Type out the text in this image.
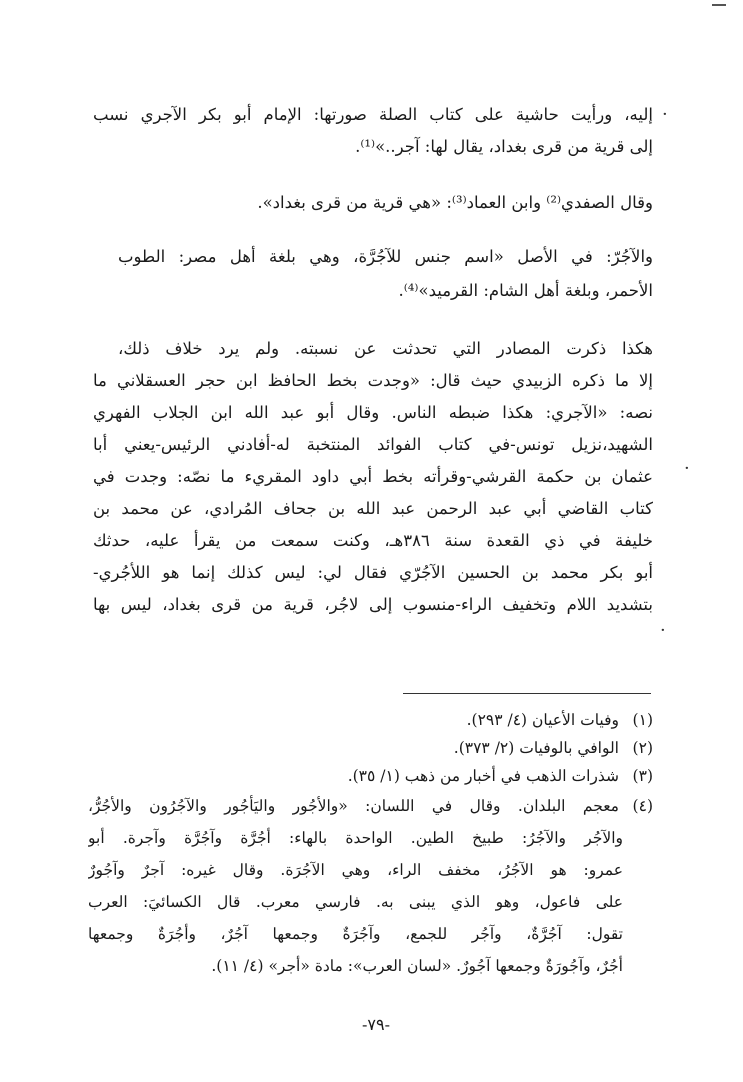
إليه، ورأيت حاشية على كتاب الصلة صورتها: الإمام أبو بكر الآجري نسب
إلى قرية من قرى بغداد، يقال لها: آجر..»⁽¹⁾.
وقال الصفدي⁽²⁾ وابن العماد⁽³⁾: «هي قرية من قرى بغداد».
والآجُرّ: في الأصل «اسم جنس للآجُرَّة، وهي بلغة أهل مصر: الطوب
الأحمر، وبلغة أهل الشام: القرميد»⁽⁴⁾.
هكذا ذكرت المصادر التي تحدثت عن نسبته. ولم يرد خلاف ذلك،
إلا ما ذكره الزبيدي حيث قال: «وجدت بخط الحافظ ابن حجر العسقلاني ما
نصه: «الآجري: هكذا ضبطه الناس. وقال أبو عبد الله ابن الجلاب الفهري
الشهيد،نزيل تونس-في كتاب الفوائد المنتخبة له-أفادني الرئيس-يعني أبا
عثمان بن حكمة القرشي-وقرأته بخط أبي داود المقريء ما نصّه: وجدت في
كتاب القاضي أبي عبد الرحمن عبد الله بن جحاف المُرادي، عن محمد بن
خليفة في ذي القعدة سنة ٣٨٦هـ، وكنت سمعت من يقرأ عليه، حدثك
أبو بكر محمد بن الحسين الآجُرّي فقال لي: ليس كذلك إنما هو اللأجُري-
بتشديد اللام وتخفيف الراء-منسوب إلى لاجُر، قرية من قرى بغداد، ليس بها
·
·
·
(١)وفيات الأعيان (٤/ ٢٩٣).
(٢)الوافي بالوفيات (٢/ ٣٧٣).
(٣)شذرات الذهب في أخبار من ذهب (١/ ٣٥).
(٤)معجم البلدان. وقال في اللسان: «والأجُور واليَأجُور والآجُرُون والأجُرُّ،
والآجُر والآجُرُ: طبيخ الطين. الواحدة بالهاء: أجُرَّة وآجُرَّة وآجرة. أبو
عمرو: هو الآجُرُ، مخفف الراء، وهي الآجُرَة. وقال غيره: آجرٌ وآجُورٌ
على فاعول، وهو الذي يبنى به. فارسي معرب. قال الكسائيَ: العرب
تقول: آجُرَّةٌ، وآجُر للجمع، وآجُرَةٌ وجمعها آجُرٌ، وأجُرَةٌ وجمعها
أجُرٌ، وآجُورَةٌ وجمعها آجُورٌ. «لسان العرب»: مادة «أجر» (٤/ ١١).
-٧٩-
